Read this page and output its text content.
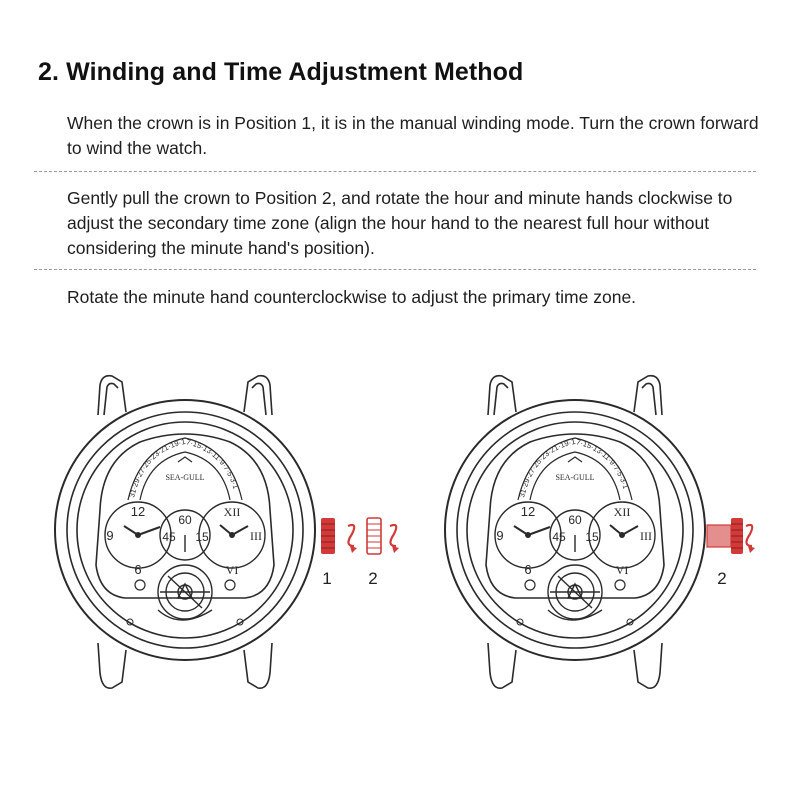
2. Winding and Time Adjustment Method
When the crown is in Position 1, it is in the manual winding mode. Turn the crown forward to wind the watch.
Gently pull the crown to Position 2, and rotate the hour and minute hands clockwise to adjust the secondary time zone (align the hour hand to the nearest full hour without considering the minute hand's position).
Rotate the minute hand counterclockwise to adjust the primary time zone.
31·29·27·25·23·21·19·17·15·13·11·9·7·5·3·1
SEA-GULL
12
9
6
60
45 15
XII
III
VI	1 2
31·29·27·25·23·21·19·17·15·13·11·9·7·5·3·1
SEA-GULL
12
9
6
60
45 15
XII
III
VI	2
